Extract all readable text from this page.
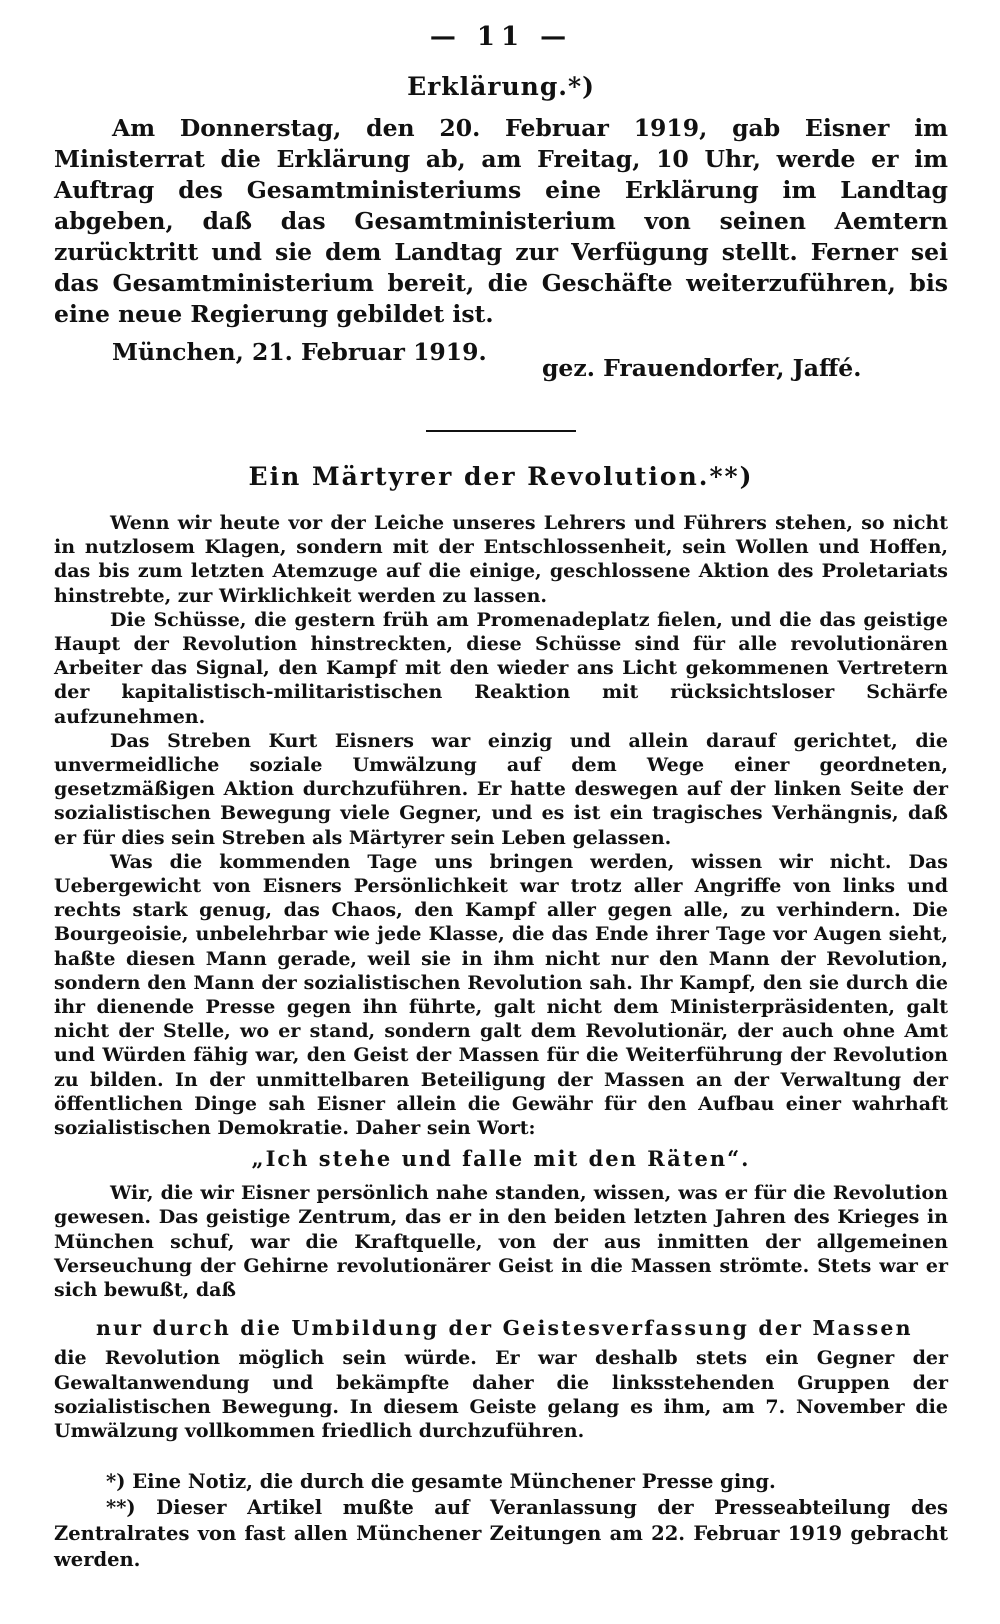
— 11 —
Erklärung.*)

Am Donnerstag, den 20. Februar 1919, gab Eisner im Ministerrat die Erklärung ab, am Freitag, 10 Uhr, werde er im Auftrag des Gesamtministeriums eine Erklärung im Landtag abgeben, daß das Gesamtministerium von seinen Aemtern zurücktritt und sie dem Landtag zur Verfügung stellt. Ferner sei das Gesamtministerium bereit, die Geschäfte weiterzuführen, bis eine neue Regierung gebildet ist.

München, 21. Februar 1919.
gez. Frauendorfer, Jaffé.
Ein Märtyrer der Revolution.**)

Wenn wir heute vor der Leiche unseres Lehrers und Führers stehen, so nicht in nutzlosem Klagen, sondern mit der Entschlossenheit, sein Wollen und Hoffen, das bis zum letzten Atemzuge auf die einige, geschlossene Aktion des Proletariats hinstrebte, zur Wirklichkeit werden zu lassen.

Die Schüsse, die gestern früh am Promenadeplatz fielen, und die das geistige Haupt der Revolution hinstreckten, diese Schüsse sind für alle revolutionären Arbeiter das Signal, den Kampf mit den wieder ans Licht gekommenen Vertretern der kapitalistisch-militaristischen Reaktion mit rücksichtsloser Schärfe aufzunehmen.

Das Streben Kurt Eisners war einzig und allein darauf gerichtet, die unvermeidliche soziale Umwälzung auf dem Wege einer geordneten, gesetzmäßigen Aktion durchzuführen. Er hatte deswegen auf der linken Seite der sozialistischen Bewegung viele Gegner, und es ist ein tragisches Verhängnis, daß er für dies sein Streben als Märtyrer sein Leben gelassen.

Was die kommenden Tage uns bringen werden, wissen wir nicht. Das Uebergewicht von Eisners Persönlichkeit war trotz aller Angriffe von links und rechts stark genug, das Chaos, den Kampf aller gegen alle, zu verhindern. Die Bourgeoisie, unbelehrbar wie jede Klasse, die das Ende ihrer Tage vor Augen sieht, haßte diesen Mann gerade, weil sie in ihm nicht nur den Mann der Revolution, sondern den Mann der sozialistischen Revolution sah. Ihr Kampf, den sie durch die ihr dienende Presse gegen ihn führte, galt nicht dem Ministerpräsidenten, galt nicht der Stelle, wo er stand, sondern galt dem Revolutionär, der auch ohne Amt und Würden fähig war, den Geist der Massen für die Weiterführung der Revolution zu bilden. In der unmittelbaren Beteiligung der Massen an der Verwaltung der öffentlichen Dinge sah Eisner allein die Gewähr für den Aufbau einer wahrhaft sozialistischen Demokratie. Daher sein Wort:

„Ich stehe und falle mit den Räten“.

Wir, die wir Eisner persönlich nahe standen, wissen, was er für die Revolution gewesen. Das geistige Zentrum, das er in den beiden letzten Jahren des Krieges in München schuf, war die Kraftquelle, von der aus inmitten der allgemeinen Verseuchung der Gehirne revolutionärer Geist in die Massen strömte. Stets war er sich bewußt, daß

nur durch die Umbildung der Geistesverfassung der Massen

die Revolution möglich sein würde. Er war deshalb stets ein Gegner der Gewaltanwendung und bekämpfte daher die linksstehenden Gruppen der sozialistischen Bewegung. In diesem Geiste gelang es ihm, am 7. November die Umwälzung vollkommen friedlich durchzuführen.

*) Eine Notiz, die durch die gesamte Münchener Presse ging.

**) Dieser Artikel mußte auf Veranlassung der Presseabteilung des Zentralrates von fast allen Münchener Zeitungen am 22. Februar 1919 gebracht werden.
